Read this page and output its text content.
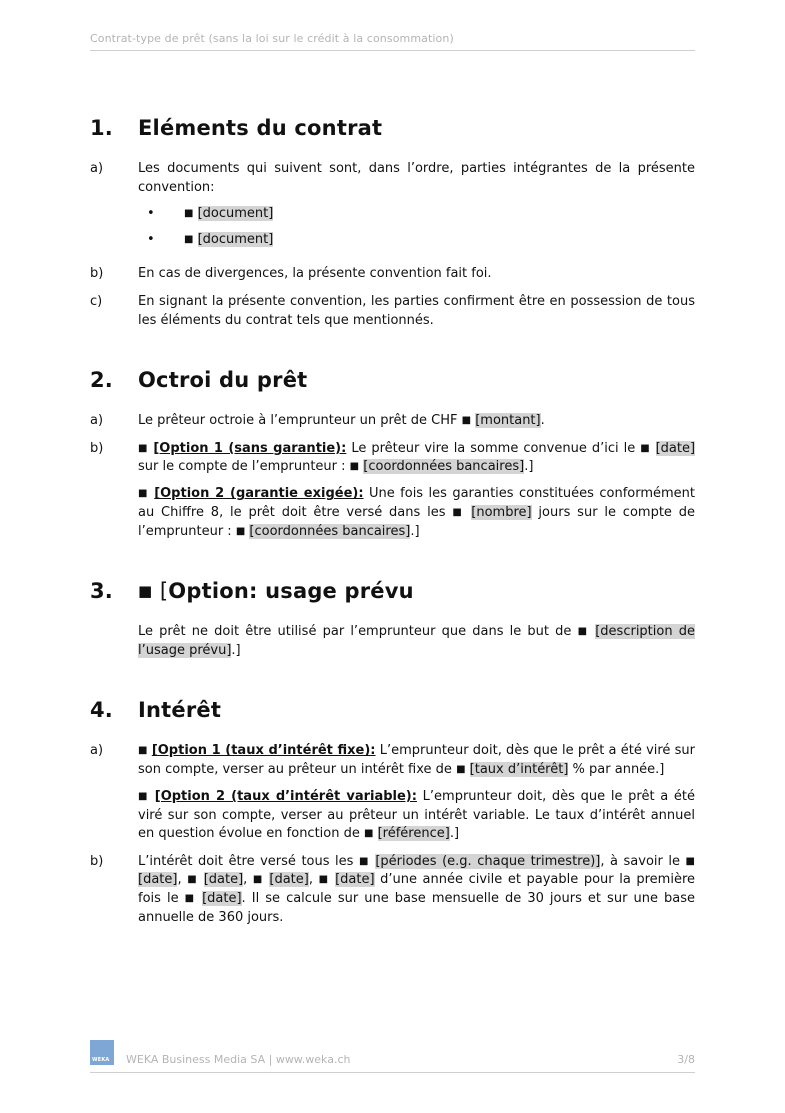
Contrat-type de prêt (sans la loi sur le crédit à la consommation)
1.	Eléments du contrat
a)	Les documents qui suivent sont, dans l’ordre, parties intégrantes de la présente convention:
•	■ [document]
•	■ [document]
b)	En cas de divergences, la présente convention fait foi.
c)	En signant la présente convention, les parties confirment être en possession de tous les éléments du contrat tels que mentionnés.
2.	Octroi du prêt
a)	Le prêteur octroie à l’emprunteur un prêt de CHF ■ [montant].
b)	■ [Option 1 (sans garantie): Le prêteur vire la somme convenue d’ici le ■ [date] sur le compte de l’emprunteur : ■ [coordonnées bancaires].]

■ [Option 2 (garantie exigée): Une fois les garanties constituées conformément au Chiffre 8, le prêt doit être versé dans les ■ [nombre] jours sur le compte de l’emprunteur : ■ [coordonnées bancaires].]

3.	■ [Option: usage prévu
Le prêt ne doit être utilisé par l’emprunteur que dans le but de ■ [description de l’usage prévu].]
4.	Intérêt
a)	■ [Option 1 (taux d’intérêt fixe): L’emprunteur doit, dès que le prêt a été viré sur son compte, verser au prêteur un intérêt fixe de ■ [taux d’intérêt] % par année.]

■ [Option 2 (taux d’intérêt variable): L’emprunteur doit, dès que le prêt a été viré sur son compte, verser au prêteur un intérêt variable. Le taux d’intérêt annuel en question évolue en fonction de ■ [référence].]

b)	L’intérêt doit être versé tous les ■ [périodes (e.g. chaque trimestre)], à savoir le ■ [date], ■ [date], ■ [date], ■ [date] d’une année civile et payable pour la première fois le ■ [date]. Il se calcule sur une base mensuelle de 30 jours et sur une base annuelle de 360 jours.
WEKA WEKA Business Media SA | www.weka.ch	3/8
